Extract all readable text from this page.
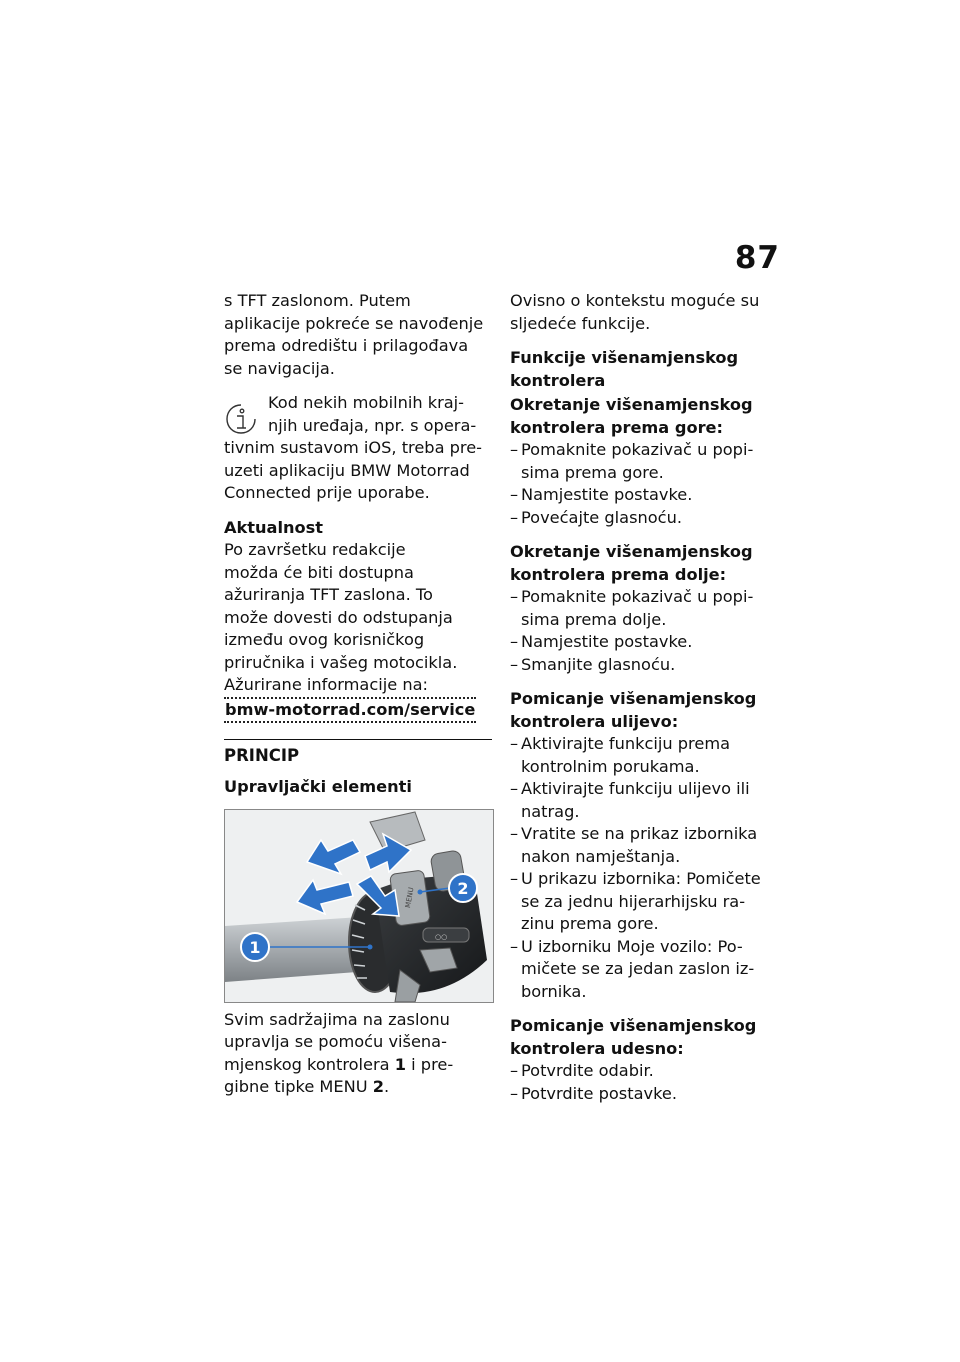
87

s TFT zaslonom. Putem

aplikacije pokreće se navođenje

prema odredištu i prilagođava

se navigacija.

Kod nekih mobilnih kraj-

njih uređaja, npr. s opera-

tivnim sustavom iOS, treba pre-

uzeti aplikaciju BMW Motorrad

Connected prije uporabe.

Aktualnost

Po završetku redakcije

možda će biti dostupna

ažuriranja TFT zaslona. To

može dovesti do odstupanja

između ovog korisničkog

priručnika i vašeg motocikla.

Ažurirane informacije na:

bmw-motorrad.com/service

PRINCIP

Upravljački elementi

MENU
○○
1
2

Svim sadržajima na zaslonu

upravlja se pomoću višena-

mjenskog kontrolera 1 i pre-

gibne tipke MENU 2.

Ovisno o kontekstu moguće su

sljedeće funkcije.

Funkcije višenamjenskog

kontrolera

Okretanje višenamjenskog

kontrolera prema gore:

– Pomaknite pokazivač u popi-
sima prema gore.
– Namjestite postavke.
– Povećajte glasnoću.

Okretanje višenamjenskog

kontrolera prema dolje:

– Pomaknite pokazivač u popi-
sima prema dolje.
– Namjestite postavke.
– Smanjite glasnoću.

Pomicanje višenamjenskog

kontrolera ulijevo:

– Aktivirajte funkciju prema
kontrolnim porukama.
– Aktivirajte funkciju ulijevo ili
natrag.
– Vratite se na prikaz izbornika
nakon namještanja.
– U prikazu izbornika: Pomičete
se za jednu hijerarhijsku ra-
zinu prema gore.
– U izborniku Moje vozilo: Po-
mičete se za jedan zaslon iz-
bornika.

Pomicanje višenamjenskog

kontrolera udesno:

– Potvrdite odabir.
– Potvrdite postavke.
